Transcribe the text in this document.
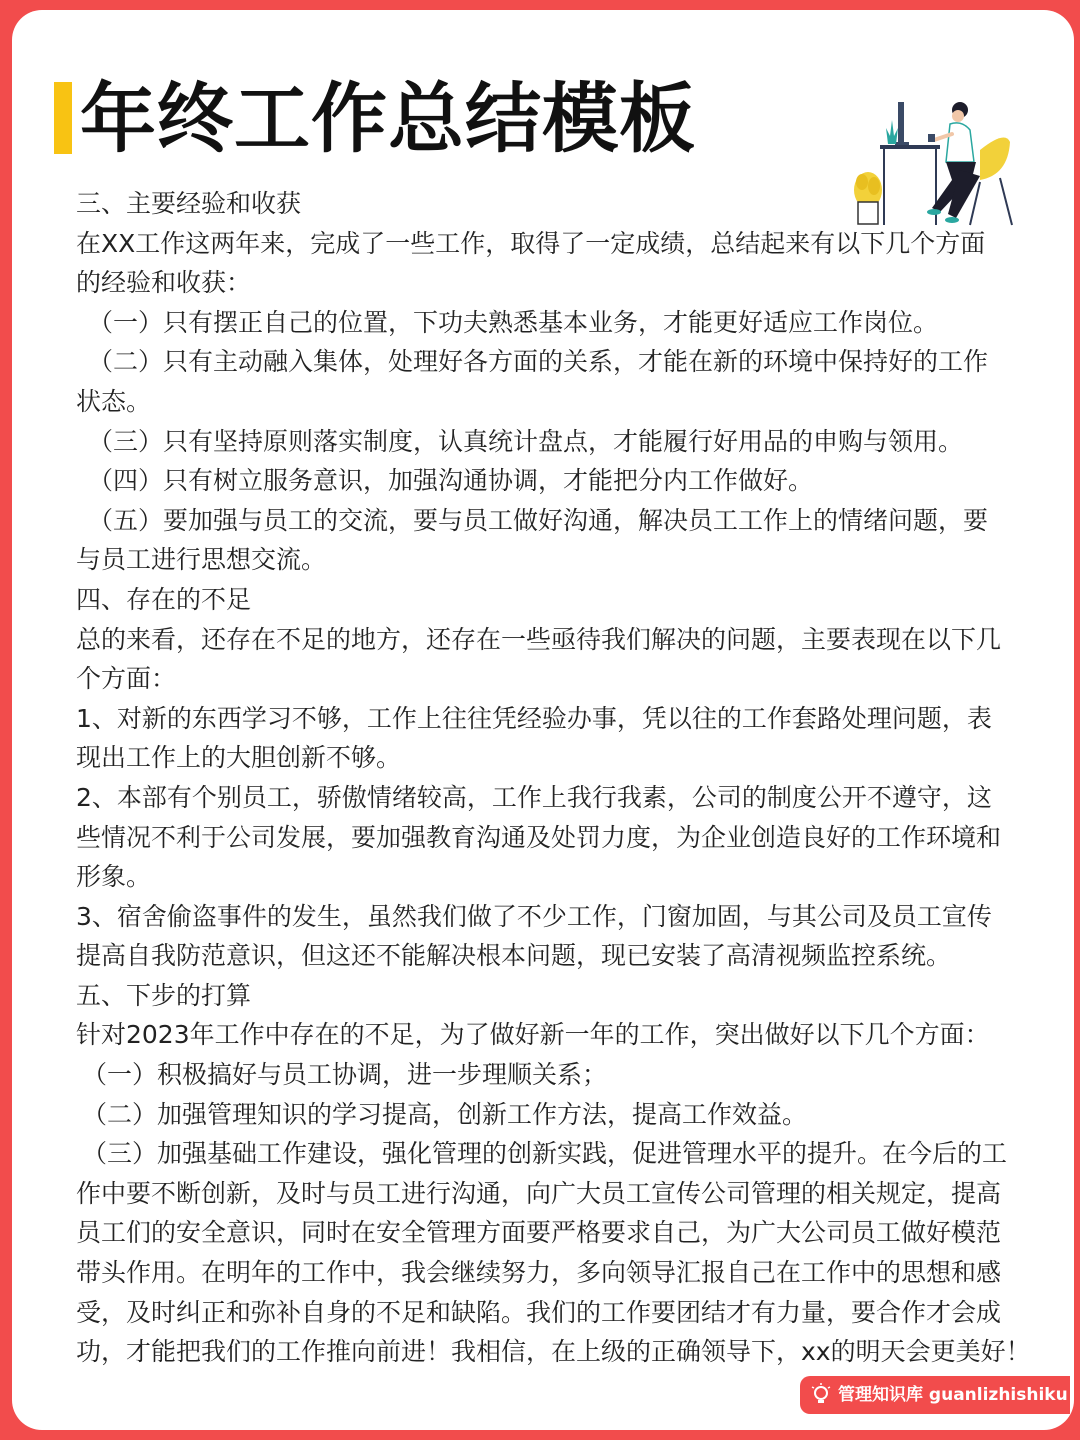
年终工作总结模板

三、主要经验和收获

在XX工作这两年来，完成了一些工作，取得了一定成绩，总结起来有以下几个方面

的经验和收获：

（一）只有摆正自己的位置，下功夫熟悉基本业务，才能更好适应工作岗位。

（二）只有主动融入集体，处理好各方面的关系，才能在新的环境中保持好的工作

状态。

（三）只有坚持原则落实制度，认真统计盘点，才能履行好用品的申购与领用。

（四）只有树立服务意识，加强沟通协调，才能把分内工作做好。

（五）要加强与员工的交流，要与员工做好沟通，解决员工工作上的情绪问题，要

与员工进行思想交流。

四、存在的不足

总的来看，还存在不足的地方，还存在一些亟待我们解决的问题，主要表现在以下几

个方面：

1、对新的东西学习不够，工作上往往凭经验办事，凭以往的工作套路处理问题，表

现出工作上的大胆创新不够。

2、本部有个别员工，骄傲情绪较高，工作上我行我素，公司的制度公开不遵守，这

些情况不利于公司发展，要加强教育沟通及处罚力度，为企业创造良好的工作环境和

形象。

3、宿舍偷盗事件的发生，虽然我们做了不少工作，门窗加固，与其公司及员工宣传

提高自我防范意识，但这还不能解决根本问题，现已安装了高清视频监控系统。

五、下步的打算

针对2023年工作中存在的不足，为了做好新一年的工作，突出做好以下几个方面：

（一）积极搞好与员工协调，进一步理顺关系；

（二）加强管理知识的学习提高，创新工作方法，提高工作效益。

（三）加强基础工作建设，强化管理的创新实践，促进管理水平的提升。在今后的工

作中要不断创新，及时与员工进行沟通，向广大员工宣传公司管理的相关规定，提高

员工们的安全意识，同时在安全管理方面要严格要求自己，为广大公司员工做好模范

带头作用。在明年的工作中，我会继续努力，多向领导汇报自己在工作中的思想和感

受，及时纠正和弥补自身的不足和缺陷。我们的工作要团结才有力量，要合作才会成

功，才能把我们的工作推向前进！我相信，在上级的正确领导下，xx的明天会更美好！

管理知识库 guanlizhishiku
